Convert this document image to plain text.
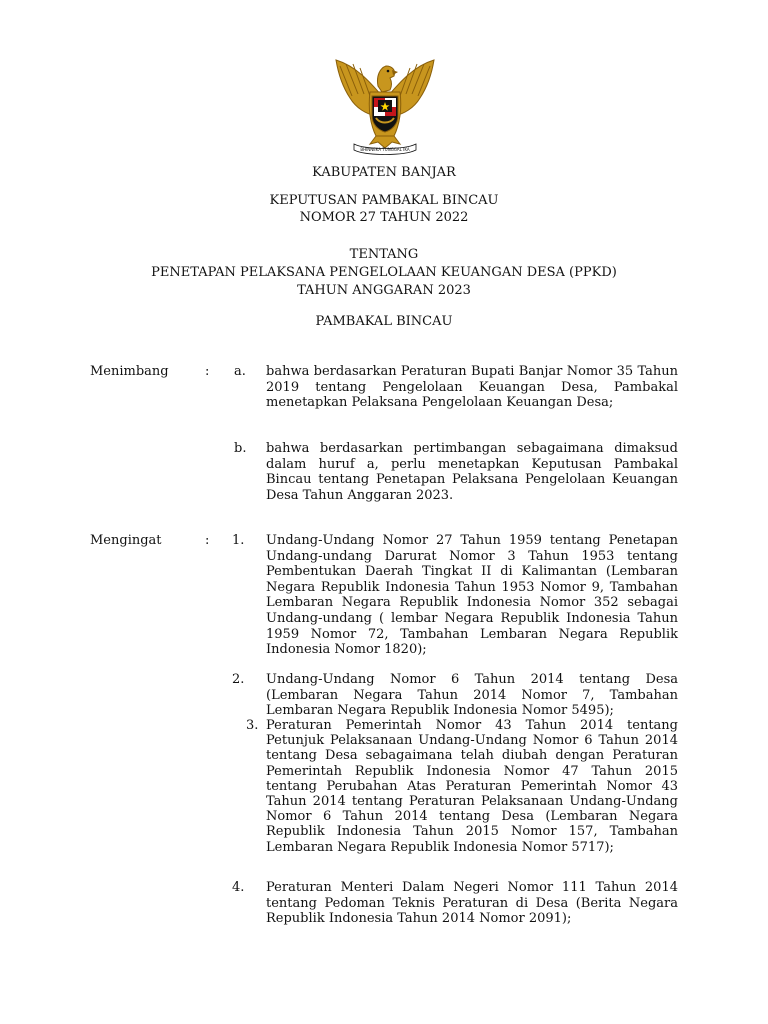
BHINNEKA TUNGGAL IKA
KABUPATEN BANJAR
KEPUTUSAN PAMBAKAL BINCAU
NOMOR 27 TAHUN 2022
TENTANG
PENETAPAN PELAKSANA PENGELOLAAN KEUANGAN DESA (PPKD)
TAHUN ANGGARAN 2023
PAMBAKAL BINCAU
Menimbang	: a. bahwa berdasarkan Peraturan Bupati Banjar Nomor 35 Tahun 2019 tentang Pengelolaan Keuangan Desa, Pambakal menetapkan Pelaksana Pengelolaan Keuangan Desa;
b. bahwa berdasarkan pertimbangan sebagaimana dimaksud dalam huruf a, perlu menetapkan Keputusan Pambakal Bincau tentang Penetapan Pelaksana Pengelolaan Keuangan Desa Tahun Anggaran 2023.
Mengingat	: 1. Undang-Undang Nomor 27 Tahun 1959 tentang Penetapan Undang-undang Darurat Nomor 3 Tahun 1953 tentang Pembentukan Daerah Tingkat II di Kalimantan (Lembaran Negara Republik Indonesia Tahun 1953 Nomor 9, Tambahan Lembaran Negara Republik Indonesia Nomor 352 sebagai Undang-undang ( lembar Negara Republik Indonesia Tahun 1959 Nomor 72, Tambahan Lembaran Negara Republik Indonesia Nomor 1820);
2. Undang-Undang Nomor 6 Tahun 2014 tentang Desa (Lembaran Negara Tahun 2014 Nomor 7, Tambahan Lembaran Negara Republik Indonesia Nomor 5495);
3. Peraturan Pemerintah Nomor 43 Tahun 2014 tentang Petunjuk Pelaksanaan Undang-Undang Nomor 6 Tahun 2014 tentang Desa sebagaimana telah diubah dengan Peraturan Pemerintah Republik Indonesia Nomor 47 Tahun 2015 tentang Perubahan Atas Peraturan Pemerintah Nomor 43 Tahun 2014 tentang Peraturan Pelaksanaan Undang-Undang Nomor 6 Tahun 2014 tentang Desa (Lembaran Negara Republik Indonesia Tahun 2015 Nomor 157, Tambahan Lembaran Negara Republik Indonesia Nomor 5717);
4. Peraturan Menteri Dalam Negeri Nomor 111 Tahun 2014 tentang Pedoman Teknis Peraturan di Desa (Berita Negara Republik Indonesia Tahun 2014 Nomor 2091);
